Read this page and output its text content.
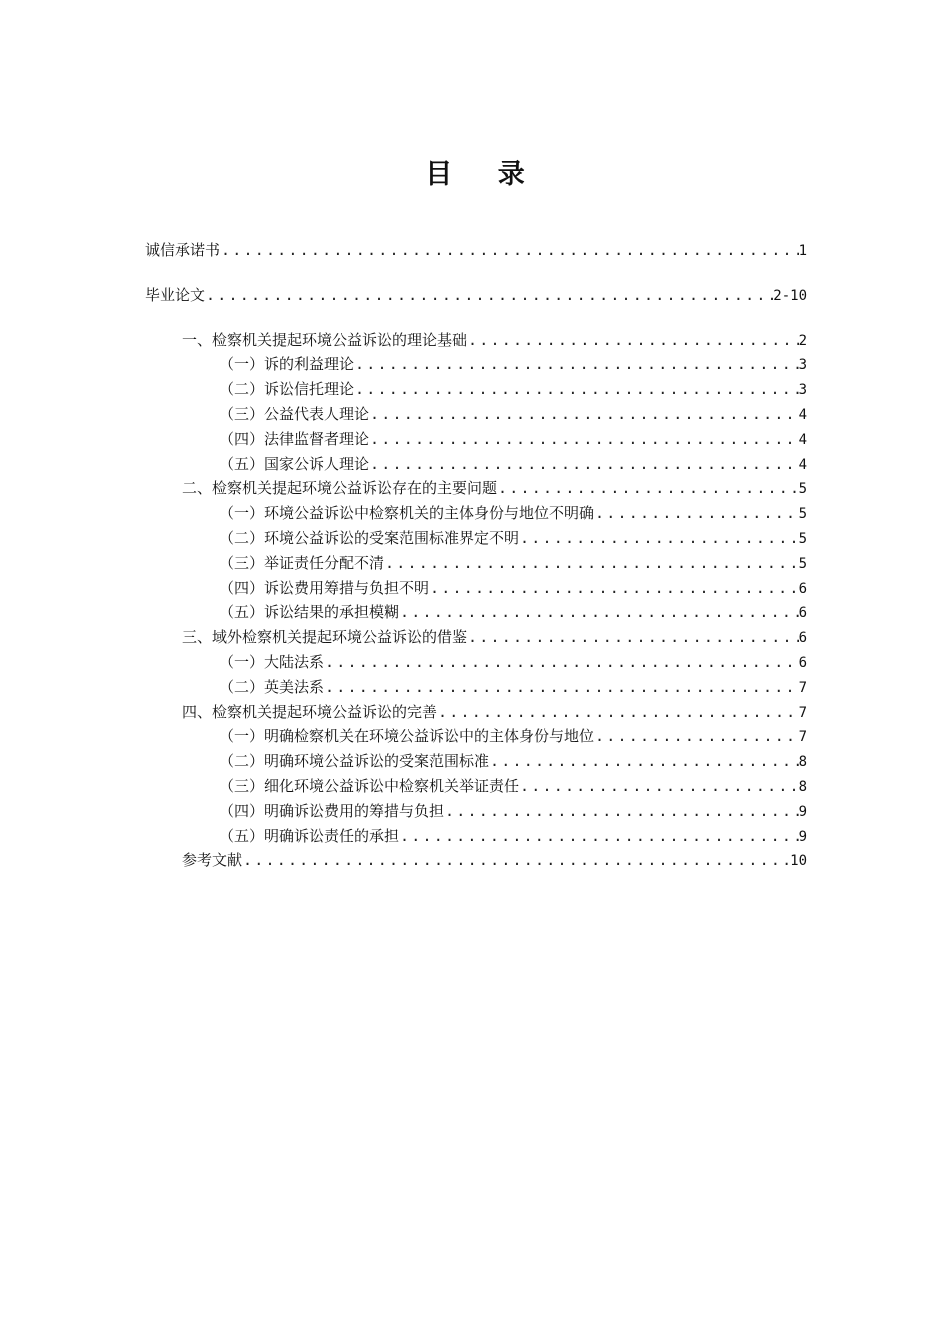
目 录
诚信承诺书 .....	1
毕业论文 .....	2-10
一、检察机关提起环境公益诉讼的理论基础 .....	2
（一）诉的利益理论 .....	3
（二）诉讼信托理论 .....	3
（三）公益代表人理论 .....	4
（四）法律监督者理论 .....	4
（五）国家公诉人理论 .....	4
二、检察机关提起环境公益诉讼存在的主要问题 .....	5
（一）环境公益诉讼中检察机关的主体身份与地位不明确 .....	5
（二）环境公益诉讼的受案范围标准界定不明 .....	5
（三）举证责任分配不清 .....	5
（四）诉讼费用筹措与负担不明 .....	6
（五）诉讼结果的承担模糊 .....	6
三、域外检察机关提起环境公益诉讼的借鉴 .....	6
（一）大陆法系 .....	6
（二）英美法系 .....	7
四、检察机关提起环境公益诉讼的完善 .....	7
（一）明确检察机关在环境公益诉讼中的主体身份与地位 .....	7
（二）明确环境公益诉讼的受案范围标准 .....	8
（三）细化环境公益诉讼中检察机关举证责任 .....	8
（四）明确诉讼费用的筹措与负担 .....	9
（五）明确诉讼责任的承担 .....	9
参考文献 .....	10
